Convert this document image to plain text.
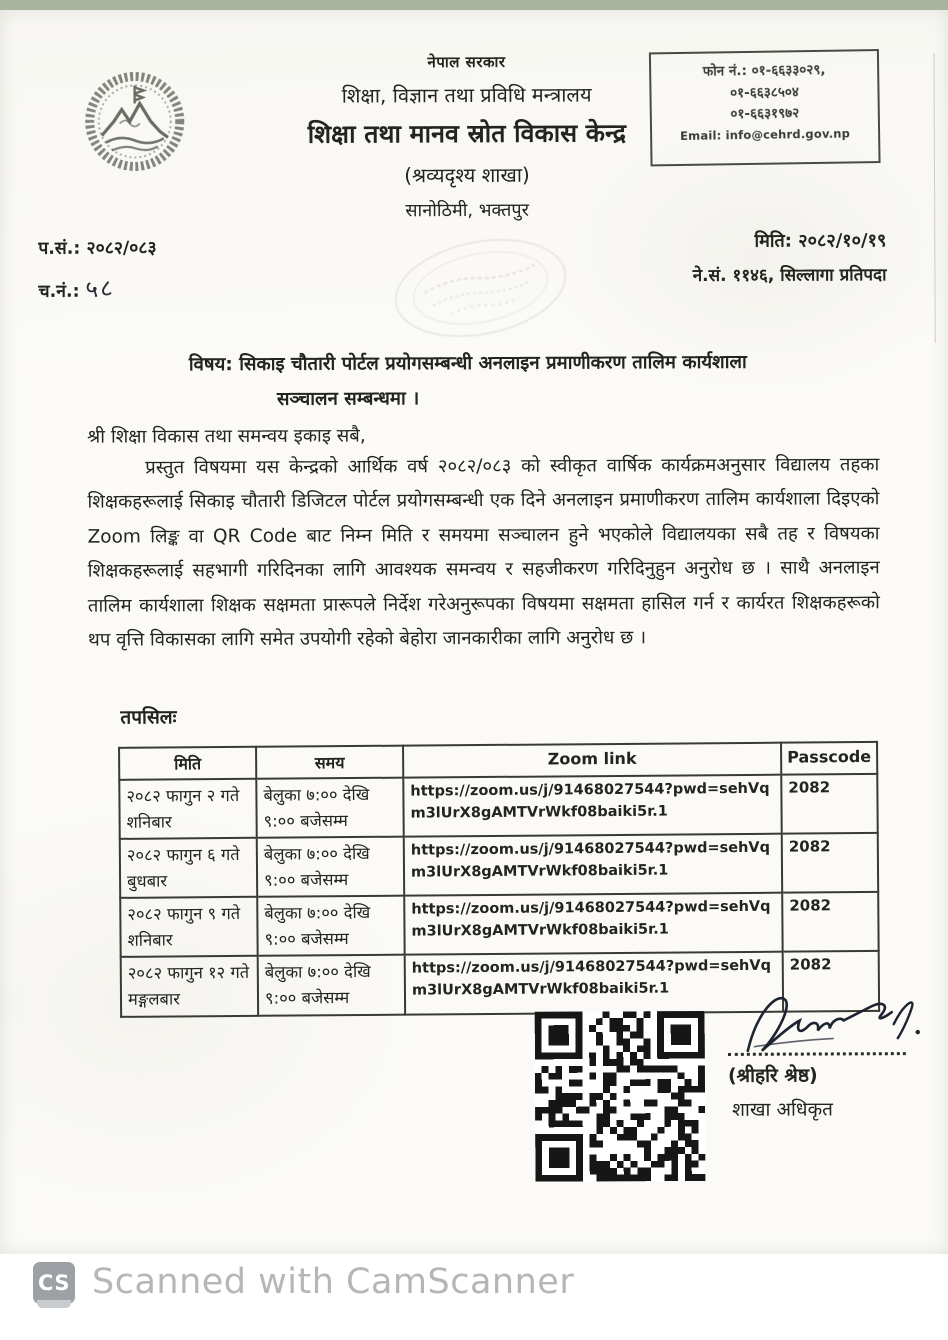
नेपाल सरकार
शिक्षा, विज्ञान तथा प्रविधि मन्त्रालय
शिक्षा तथा मानव स्रोत विकास केन्द्र
(श्रव्यदृश्य शाखा)
सानोठिमी, भक्तपुर
फोन नं.: ०१-६६३३०२९,
०१-६६३८५०४
०१-६६३१९७२
Email: info@cehrd.gov.np
प.सं.: २०८२/०८३
च.नं.: ५८
मिति: २०८२/१०/१९
ने.सं. ११४६, सिल्लागा प्रतिपदा
विषय: सिकाइ चौतारी पोर्टल प्रयोगसम्बन्धी अनलाइन प्रमाणीकरण तालिम कार्यशाला
सञ्चालन सम्बन्धमा ।
श्री शिक्षा विकास तथा समन्वय इकाइ सबै,
प्रस्तुत विषयमा यस केन्द्रको आर्थिक वर्ष २०८२/०८३ को स्वीकृत वार्षिक कार्यक्रमअनुसार विद्यालय तहका शिक्षकहरूलाई सिकाइ चौतारी डिजिटल पोर्टल प्रयोगसम्बन्धी एक दिने अनलाइन प्रमाणीकरण तालिम कार्यशाला दिइएको Zoom लिङ्क वा QR Code बाट निम्न मिति र समयमा सञ्चालन हुने भएकोले विद्यालयका सबै तह र विषयका शिक्षकहरूलाई सहभागी गरिदिनका लागि आवश्यक समन्वय र सहजीकरण गरिदिनुहुन अनुरोध छ । साथै अनलाइन तालिम कार्यशाला शिक्षक सक्षमता प्रारूपले निर्देश गरेअनुरूपका विषयमा सक्षमता हासिल गर्न र कार्यरत शिक्षकहरूको थप वृत्ति विकासका लागि समेत उपयोगी रहेको बेहोरा जानकारीका लागि अनुरोध छ ।
तपसिलः
मिति	समय	Zoom link	Passcode
२०८२ फागुन २ गते शनिबार	बेलुका ७:०० देखि ९:०० बजेसम्म	https://zoom.us/j/91468027544?pwd=sehVqm3lUrX8gAMTVrWkf08baiki5r.1	2082
२०८२ फागुन ६ गते बुधबार	बेलुका ७:०० देखि ९:०० बजेसम्म	https://zoom.us/j/91468027544?pwd=sehVqm3lUrX8gAMTVrWkf08baiki5r.1	2082
२०८२ फागुन ९ गते शनिबार	बेलुका ७:०० देखि ९:०० बजेसम्म	https://zoom.us/j/91468027544?pwd=sehVqm3lUrX8gAMTVrWkf08baiki5r.1	2082
२०८२ फागुन १२ गते मङ्गलबार	बेलुका ७:०० देखि ९:०० बजेसम्म	https://zoom.us/j/91468027544?pwd=sehVqm3lUrX8gAMTVrWkf08baiki5r.1	2082
(श्रीहरि श्रेष्ठ)
शाखा अधिकृत
CS Scanned with CamScanner
